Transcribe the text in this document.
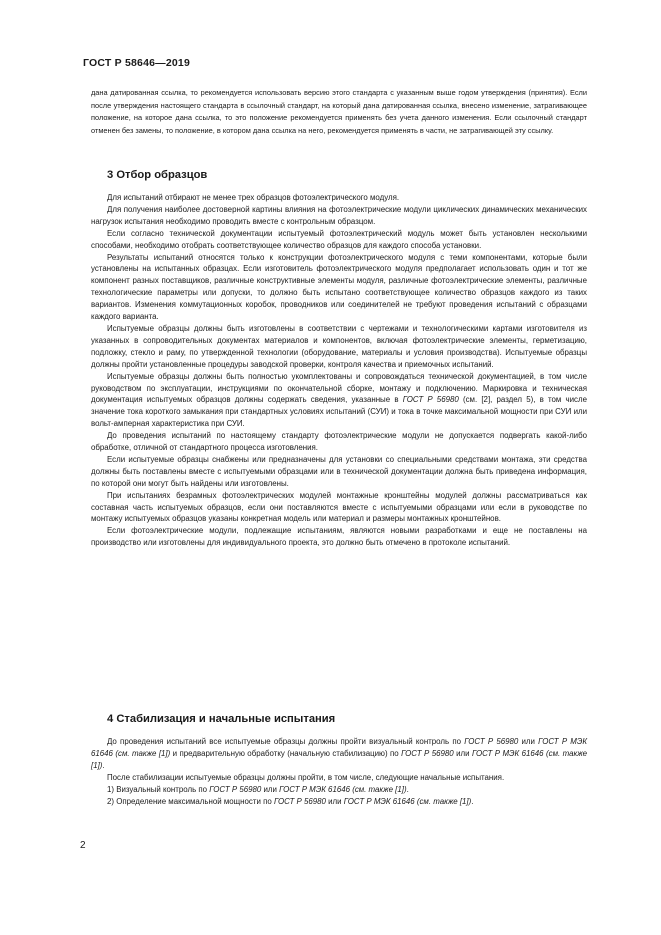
ГОСТ Р 58646—2019
дана датированная ссылка, то рекомендуется использовать версию этого стандарта с указанным выше годом утверждения (принятия). Если после утверждения настоящего стандарта в ссылочный стандарт, на который дана датированная ссылка, внесено изменение, затрагивающее положение, на которое дана ссылка, то это положение рекомендуется применять без учета данного изменения. Если ссылочный стандарт отменен без замены, то положение, в котором дана ссылка на него, рекомендуется применять в части, не затрагивающей эту ссылку.
3 Отбор образцов

Для испытаний отбирают не менее трех образцов фотоэлектрического модуля.

Для получения наиболее достоверной картины влияния на фотоэлектрические модули циклических динамических механических нагрузок испытания необходимо проводить вместе с контрольным образцом.

Если согласно технической документации испытуемый фотоэлектрический модуль может быть установлен несколькими способами, необходимо отобрать соответствующее количество образцов для каждого способа установки.

Результаты испытаний относятся только к конструкции фотоэлектрического модуля с теми компонентами, которые были установлены на испытанных образцах. Если изготовитель фотоэлектрического модуля предполагает использовать один и тот же компонент разных поставщиков, различные конструктивные элементы модуля, различные фотоэлектрические элементы, различные технологические параметры или допуски, то должно быть испытано соответствующее количество образцов каждого из таких вариантов. Изменения коммутационных коробок, проводников или соединителей не требуют проведения испытаний с образцами каждого варианта.

Испытуемые образцы должны быть изготовлены в соответствии с чертежами и технологическими картами изготовителя из указанных в сопроводительных документах материалов и компонентов, включая фотоэлектрические элементы, герметизацию, подложку, стекло и раму, по утвержденной технологии (оборудование, материалы и условия производства). Испытуемые образцы должны пройти установленные процедуры заводской проверки, контроля качества и приемочных испытаний.

Испытуемые образцы должны быть полностью укомплектованы и сопровождаться технической документацией, в том числе руководством по эксплуатации, инструкциями по окончательной сборке, монтажу и подключению. Маркировка и техническая документация испытуемых образцов должны содержать сведения, указанные в ГОСТ Р 56980 (см. [2], раздел 5), в том числе значение тока короткого замыкания при стандартных условиях испытаний (СУИ) и тока в точке максимальной мощности при СУИ или вольт-амперная характеристика при СУИ.

До проведения испытаний по настоящему стандарту фотоэлектрические модули не допускается подвергать какой-либо обработке, отличной от стандартного процесса изготовления.

Если испытуемые образцы снабжены или предназначены для установки со специальными средствами монтажа, эти средства должны быть поставлены вместе с испытуемыми образцами или в технической документации должна быть приведена информация, по которой они могут быть найдены или изготовлены.

При испытаниях безрамных фотоэлектрических модулей монтажные кронштейны модулей должны рассматриваться как составная часть испытуемых образцов, если они поставляются вместе с испытуемыми образцами или если в руководстве по монтажу испытуемых образцов указаны конкретная модель или материал и размеры монтажных кронштейнов.

Если фотоэлектрические модули, подлежащие испытаниям, являются новыми разработками и еще не поставлены на производство или изготовлены для индивидуального проекта, это должно быть отмечено в протоколе испытаний.

4 Стабилизация и начальные испытания

До проведения испытаний все испытуемые образцы должны пройти визуальный контроль по ГОСТ Р 56980 или ГОСТ Р МЭК 61646 (см. также [1]) и предварительную обработку (начальную стабилизацию) по ГОСТ Р 56980 или ГОСТ Р МЭК 61646 (см. также [1]).

После стабилизации испытуемые образцы должны пройти, в том числе, следующие начальные испытания.

1) Визуальный контроль по ГОСТ Р 56980 или ГОСТ Р МЭК 61646 (см. также [1]).

2) Определение максимальной мощности по ГОСТ Р 56980 или ГОСТ Р МЭК 61646 (см. также [1]).

2
